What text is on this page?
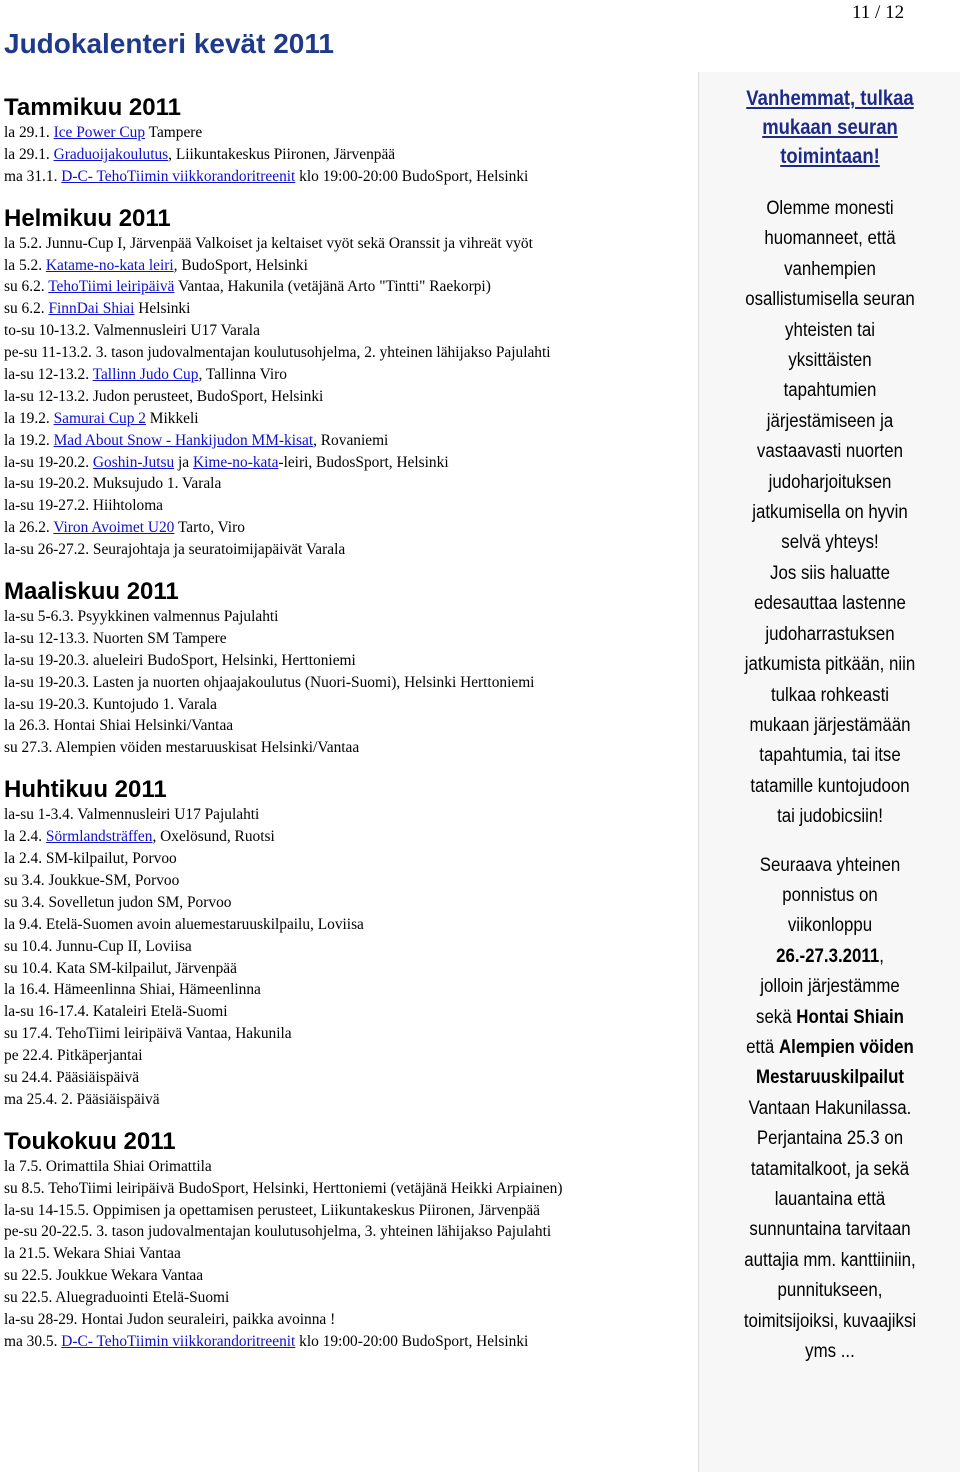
11 / 12
Judokalenteri kevät 2011
Tammikuu 2011
la 29.1. Ice Power Cup Tampere
la 29.1. Graduoijakoulutus, Liikuntakeskus Piironen, Järvenpää
ma 31.1. D-C- TehoTiimin viikkorandoritreenit klo 19:00-20:00 BudoSport, Helsinki
Helmikuu 2011
la 5.2. Junnu-Cup I, Järvenpää Valkoiset ja keltaiset vyöt sekä Oranssit ja vihreät vyöt
la 5.2. Katame-no-kata leiri, BudoSport, Helsinki
su 6.2. TehoTiimi leiripäivä Vantaa, Hakunila (vetäjänä Arto "Tintti" Raekorpi)
su 6.2. FinnDai Shiai Helsinki
to-su 10-13.2. Valmennusleiri U17 Varala
pe-su 11-13.2. 3. tason judovalmentajan koulutusohjelma, 2. yhteinen lähijakso Pajulahti
la-su 12-13.2. Tallinn Judo Cup, Tallinna Viro
la-su 12-13.2. Judon perusteet, BudoSport, Helsinki
la 19.2. Samurai Cup 2 Mikkeli
la 19.2. Mad About Snow - Hankijudon MM-kisat, Rovaniemi
la-su 19-20.2. Goshin-Jutsu ja Kime-no-kata-leiri, BudosSport, Helsinki
la-su 19-20.2. Muksujudo 1. Varala
la-su 19-27.2. Hiihtoloma
la 26.2. Viron Avoimet U20 Tarto, Viro
la-su 26-27.2. Seurajohtaja ja seuratoimijapäivät Varala
Maaliskuu 2011
la-su 5-6.3. Psyykkinen valmennus Pajulahti
la-su 12-13.3. Nuorten SM Tampere
la-su 19-20.3. alueleiri BudoSport, Helsinki, Herttoniemi
la-su 19-20.3. Lasten ja nuorten ohjaajakoulutus (Nuori-Suomi), Helsinki Herttoniemi
la-su 19-20.3. Kuntojudo 1. Varala
la 26.3. Hontai Shiai Helsinki/Vantaa
su 27.3. Alempien vöiden mestaruuskisat Helsinki/Vantaa
Huhtikuu 2011
la-su 1-3.4. Valmennusleiri U17 Pajulahti
la 2.4. Sörmlandsträffen, Oxelösund, Ruotsi
la 2.4. SM-kilpailut, Porvoo
su 3.4. Joukkue-SM, Porvoo
su 3.4. Sovelletun judon SM, Porvoo
la 9.4. Etelä-Suomen avoin aluemestaruuskilpailu, Loviisa
su 10.4. Junnu-Cup II, Loviisa
su 10.4. Kata SM-kilpailut, Järvenpää
la 16.4. Hämeenlinna Shiai, Hämeenlinna
la-su 16-17.4. Kataleiri Etelä-Suomi
su 17.4. TehoTiimi leiripäivä Vantaa, Hakunila
pe 22.4. Pitkäperjantai
su 24.4. Pääsiäispäivä
ma 25.4. 2. Pääsiäispäivä
Toukokuu 2011
la 7.5. Orimattila Shiai Orimattila
su 8.5. TehoTiimi leiripäivä BudoSport, Helsinki, Herttoniemi (vetäjänä Heikki Arpiainen)
la-su 14-15.5. Oppimisen ja opettamisen perusteet, Liikuntakeskus Piironen, Järvenpää
pe-su 20-22.5. 3. tason judovalmentajan koulutusohjelma, 3. yhteinen lähijakso Pajulahti
la 21.5. Wekara Shiai Vantaa
su 22.5. Joukkue Wekara Vantaa
su 22.5. Aluegraduointi Etelä-Suomi
la-su 28-29. Hontai Judon seuraleiri, paikka avoinna !
ma 30.5. D-C- TehoTiimin viikkorandoritreenit klo 19:00-20:00 BudoSport, Helsinki
Vanhemmat, tulkaa
mukaan seuran
toimintaan!
Olemme monesti
huomanneet, että
vanhempien
osallistumisella seuran
yhteisten tai
yksittäisten
tapahtumien
järjestämiseen ja
vastaavasti nuorten
judoharjoituksen
jatkumisella on hyvin
selvä yhteys!
Jos siis haluatte
edesauttaa lastenne
judoharrastuksen
jatkumista pitkään, niin
tulkaa rohkeasti
mukaan järjestämään
tapahtumia, tai itse
tatamille kuntojudoon
tai judobicsiin!
Seuraava yhteinen
ponnistus on
viikonloppu
26.-27.3.2011,
jolloin järjestämme
sekä Hontai Shiain
että Alempien vöiden
Mestaruuskilpailut
Vantaan Hakunilassa.
Perjantaina 25.3 on
tatamitalkoot, ja sekä
lauantaina että
sunnuntaina tarvitaan
auttajia mm. kanttiiniin,
punnitukseen,
toimitsijoiksi, kuvaajiksi
yms ...
